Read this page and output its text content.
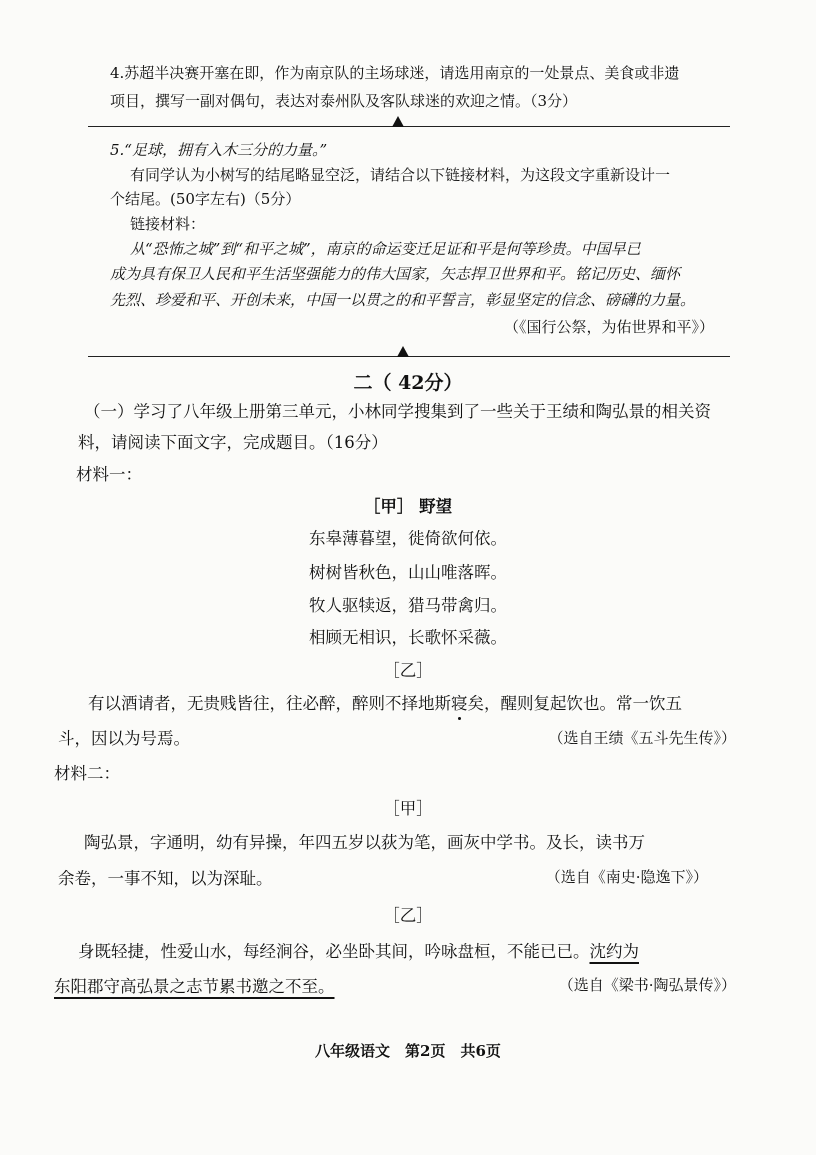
4.苏超半决赛开塞在即，作为南京队的主场球迷，请选用南京的一处景点、美食或非遗
项目，撰写一副对偶句，表达对泰州队及客队球迷的欢迎之情。（3分）
5.“足球，拥有入木三分的力量。”
有同学认为小树写的结尾略显空泛，请结合以下链接材料，为这段文字重新设计一
个结尾。(50字左右)（5分）
链接材料：
从“恐怖之城”到“和平之城”，南京的命运变迁足证和平是何等珍贵。中国早已
成为具有保卫人民和平生活坚强能力的伟大国家，矢志捍卫世界和平。铭记历史、缅怀
先烈、珍爱和平、开创未来，中国一以贯之的和平誓言，彰显坚定的信念、磅礴的力量。
（《国行公祭，为佑世界和平》）
二（ 42分）
（一）学习了八年级上册第三单元，小林同学搜集到了一些关于王绩和陶弘景的相关资
料，请阅读下面文字，完成题目。（16分）
材料一：
［甲］ 野望
东皋薄暮望，徙倚欲何依。
树树皆秋色，山山唯落晖。
牧人驱犊返，猎马带禽归。
相顾无相识，长歌怀采薇。
［乙］
有以酒请者，无贵贱皆往，往必醉，醉则不择地斯寝矣，醒则复起饮也。常一饮五
斗，因以为号焉。	（选自王绩《五斗先生传》）
材料二：
［甲］
陶弘景，字通明，幼有异操，年四五岁以荻为笔，画灰中学书。及长，读书万
余卷，一事不知，以为深耻。	（选自《南史·隐逸下》）
［乙］
身既轻捷，性爱山水，每经涧谷，必坐卧其间，吟咏盘桓，不能已已。沈约为
东阳郡守高弘景之志节累书邀之不至。	（选自《梁书·陶弘景传》）
八年级语文　第2页　共6页
